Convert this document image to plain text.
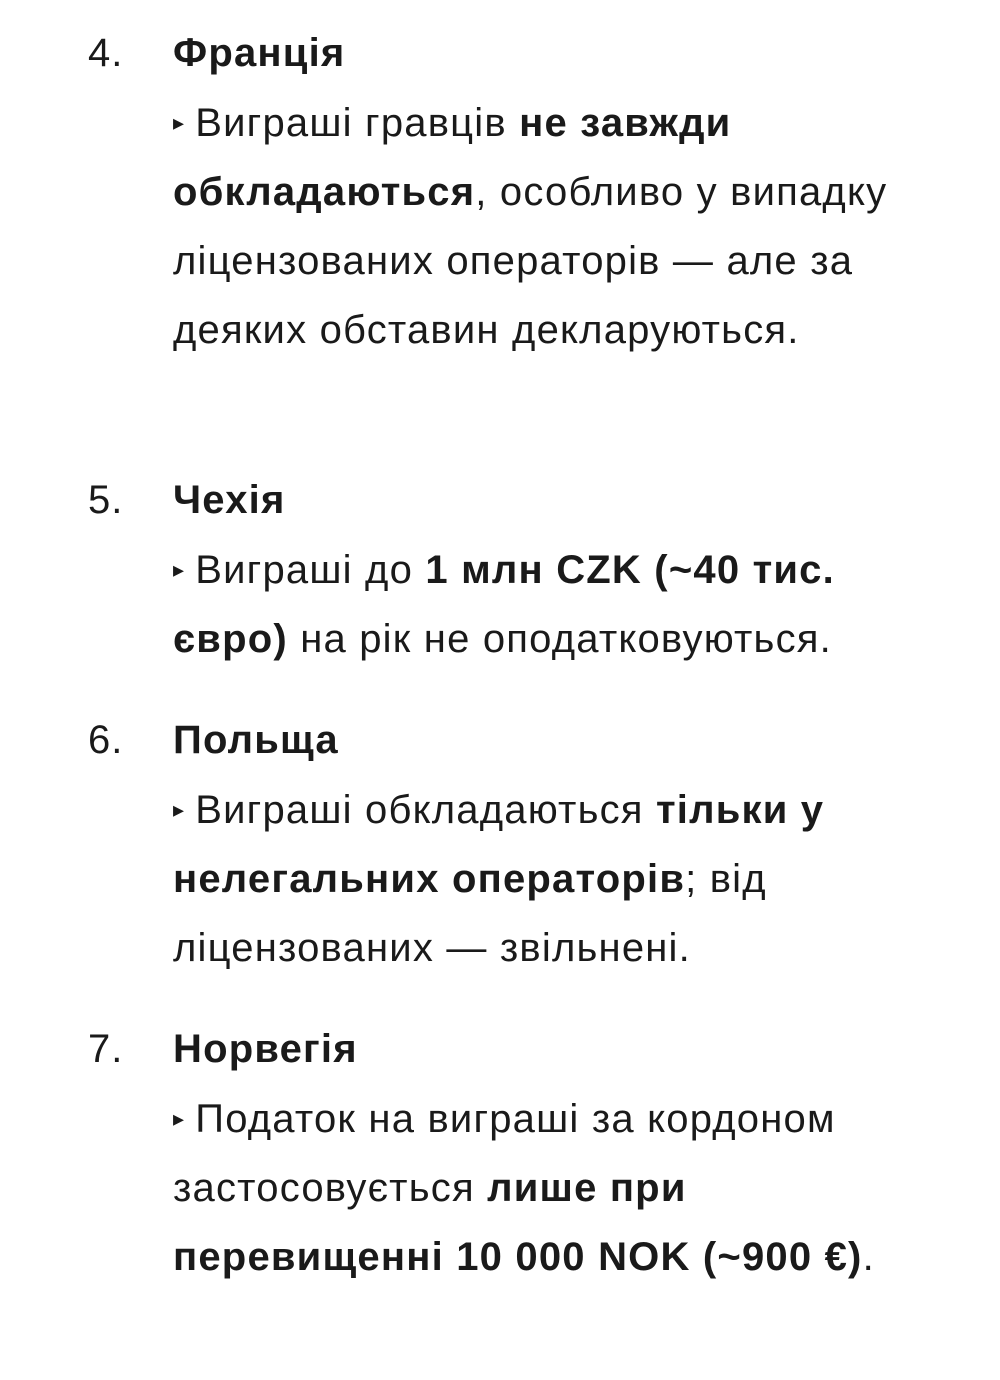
4. Франція
▸ Виграші гравців не завжди обкладаються, особливо у випадку ліцензованих операторів — але за деяких обставин декларуються.
5. Чехія
▸ Виграші до 1 млн CZK (~40 тис. євро) на рік не оподатковуються.
6. Польща
▸ Виграші обкладаються тільки у нелегальних операторів; від ліцензованих — звільнені.
7. Норвегія
▸ Податок на виграші за кордоном застосовується лише при перевищенні 10 000 NOK (~900 €).
